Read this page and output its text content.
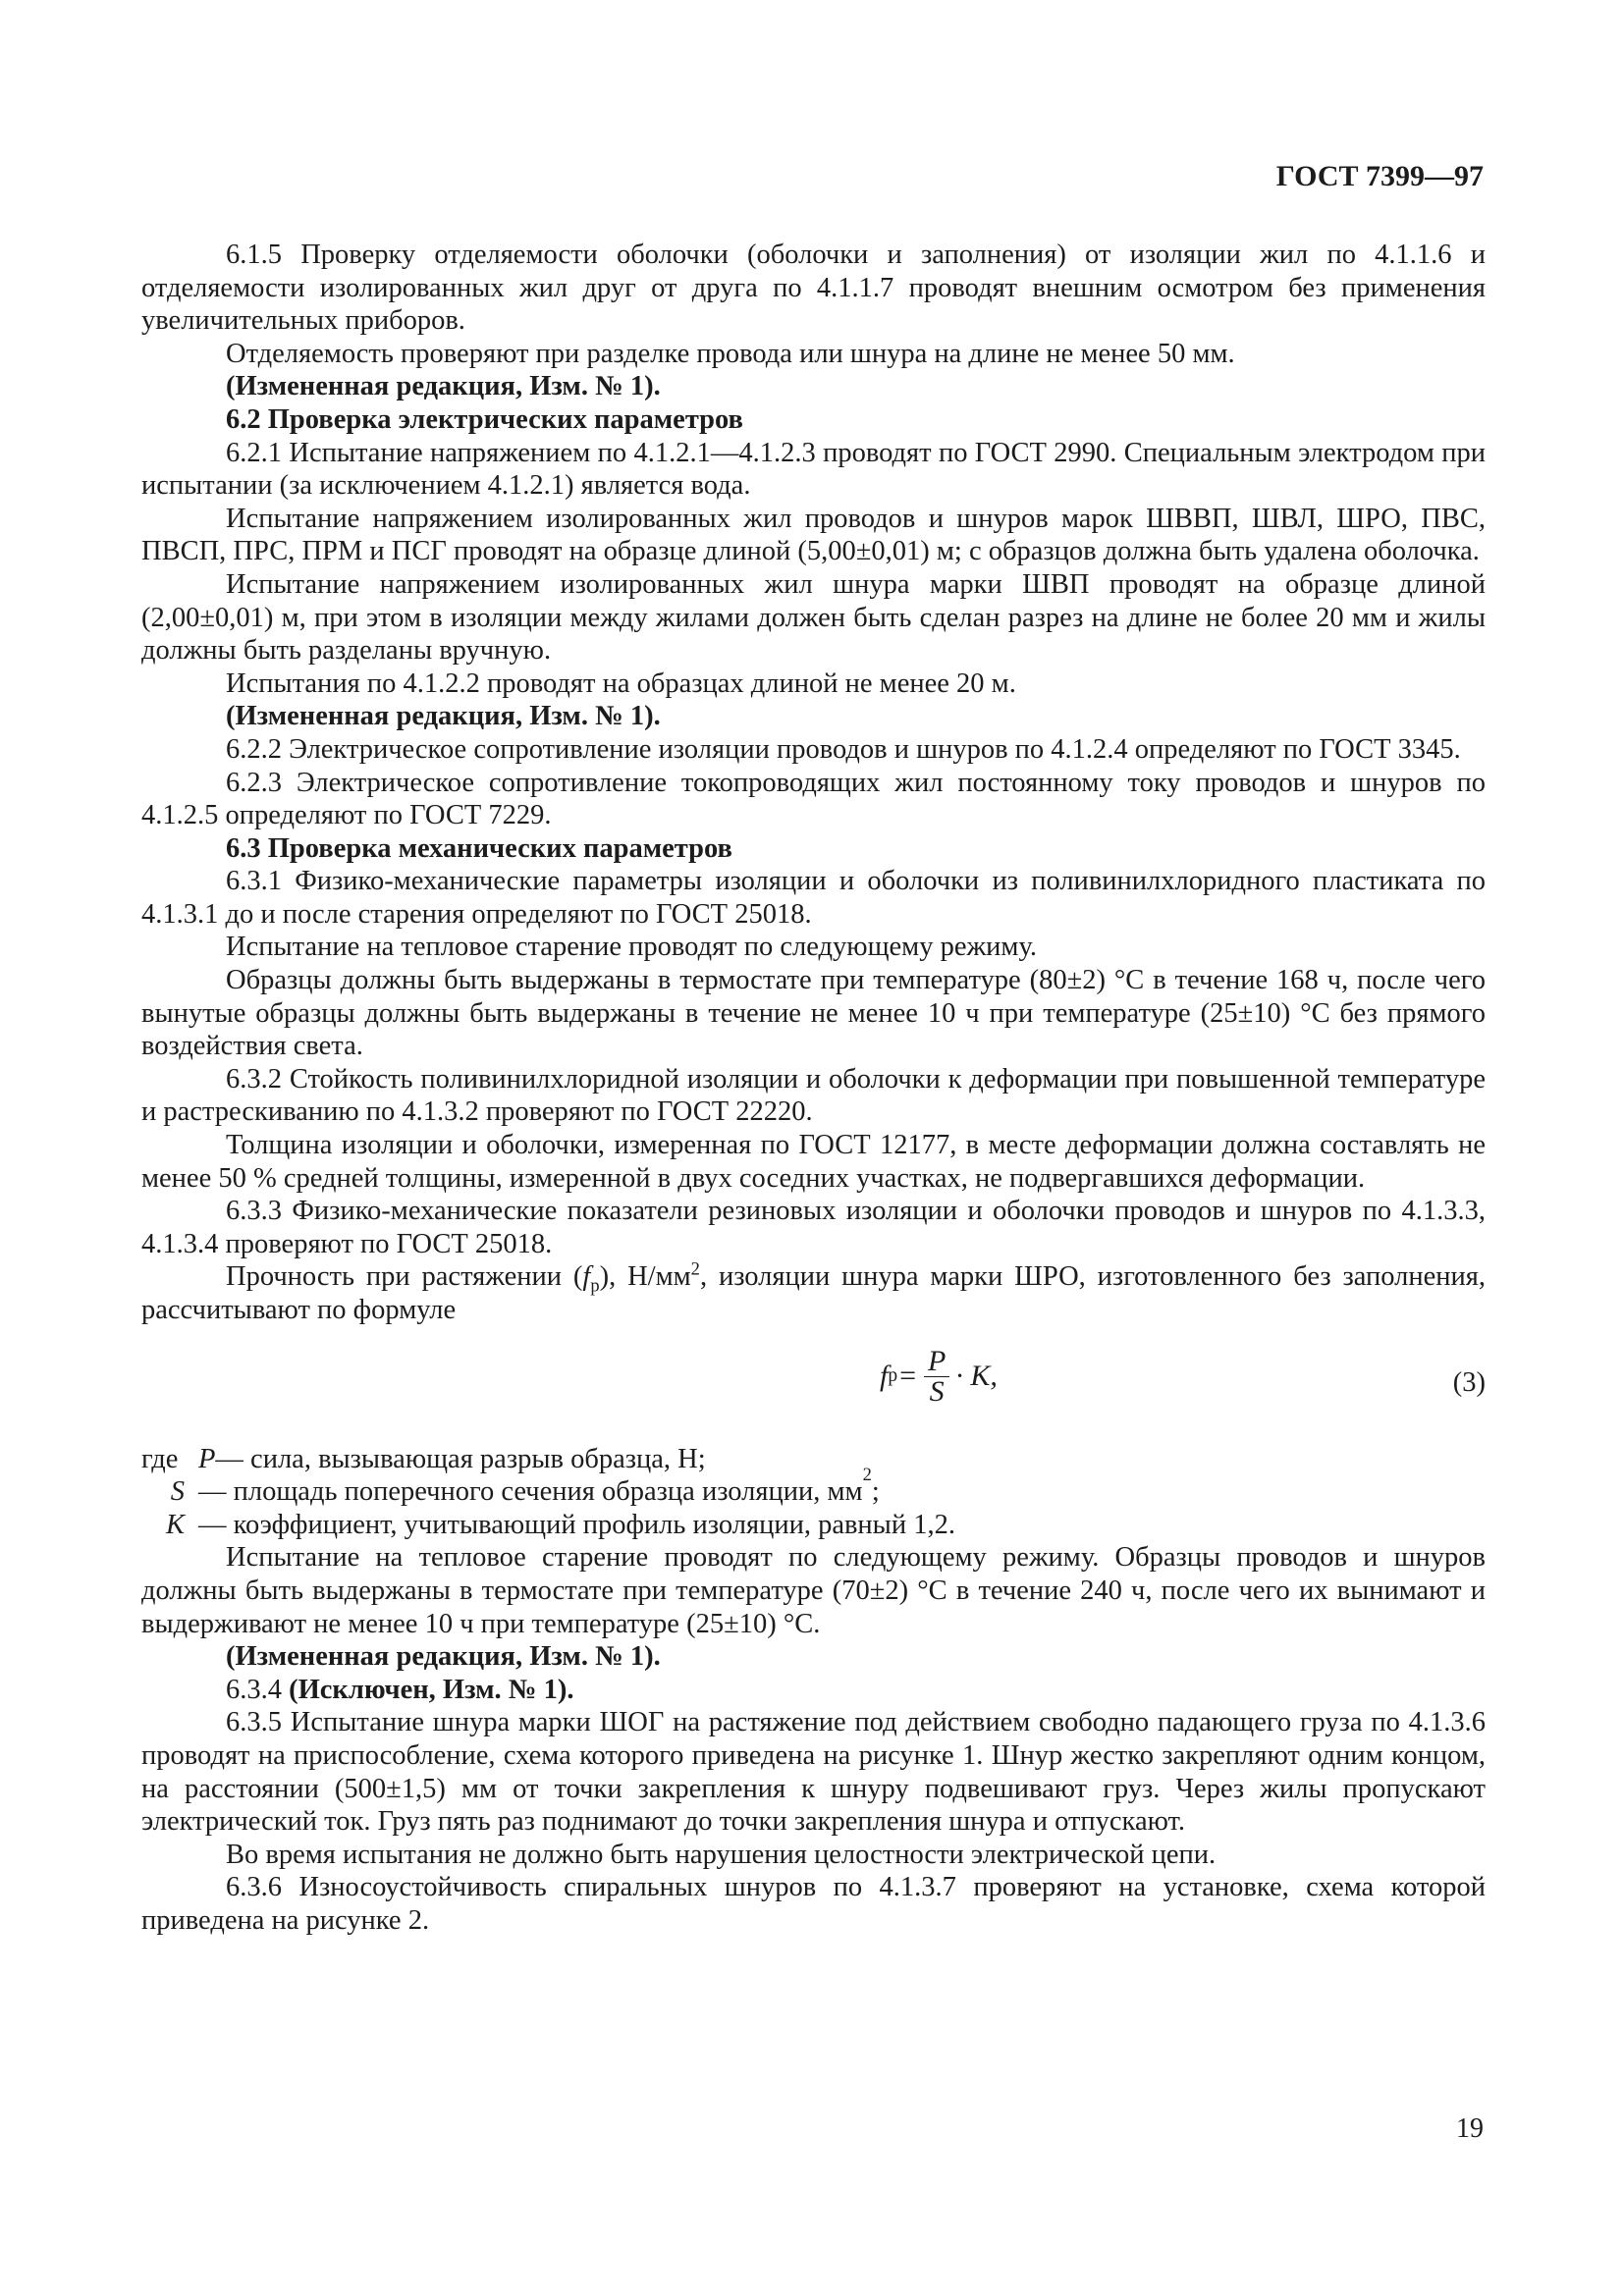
ГОСТ 7399—97

6.1.5 Проверку отделяемости оболочки (оболочки и заполнения) от изоляции жил по 4.1.1.6 и отделяемости изолированных жил друг от друга по 4.1.1.7 проводят внешним осмотром без применения увеличительных приборов.

Отделяемость проверяют при разделке провода или шнура на длине не менее 50 мм.

(Измененная редакция, Изм. № 1).

6.2 Проверка электрических параметров

6.2.1 Испытание напряжением по 4.1.2.1—4.1.2.3 проводят по ГОСТ 2990. Специальным электродом при испытании (за исключением 4.1.2.1) является вода.

Испытание напряжением изолированных жил проводов и шнуров марок ШВВП, ШВЛ, ШРО, ПВС, ПВСП, ПРС, ПРМ и ПСГ проводят на образце длиной (5,00±0,01) м; с образцов должна быть удалена оболочка.

Испытание напряжением изолированных жил шнура марки ШВП проводят на образце длиной (2,00±0,01) м, при этом в изоляции между жилами должен быть сделан разрез на длине не более 20 мм и жилы должны быть разделаны вручную.

Испытания по 4.1.2.2 проводят на образцах длиной не менее 20 м.

(Измененная редакция, Изм. № 1).

6.2.2 Электрическое сопротивление изоляции проводов и шнуров по 4.1.2.4 определяют по ГОСТ 3345.

6.2.3 Электрическое сопротивление токопроводящих жил постоянному току проводов и шнуров по 4.1.2.5 определяют по ГОСТ 7229.

6.3 Проверка механических параметров

6.3.1 Физико-механические параметры изоляции и оболочки из поливинилхлоридного пластиката по 4.1.3.1 до и после старения определяют по ГОСТ 25018.

Испытание на тепловое старение проводят по следующему режиму.

Образцы должны быть выдержаны в термостате при температуре (80±2) °С в течение 168 ч, после чего вынутые образцы должны быть выдержаны в течение не менее 10 ч при температуре (25±10) °С без прямого воздействия света.

6.3.2 Стойкость поливинилхлоридной изоляции и оболочки к деформации при повышенной температуре и растрескиванию по 4.1.3.2 проверяют по ГОСТ 22220.

Толщина изоляции и оболочки, измеренная по ГОСТ 12177, в месте деформации должна составлять не менее 50 % средней толщины, измеренной в двух соседних участках, не подвергавшихся деформации.

6.3.3 Физико-механические показатели резиновых изоляции и оболочки проводов и шнуров по 4.1.3.3, 4.1.3.4 проверяют по ГОСТ 25018.

Прочность при растяжении $(f_р)$, $Н/мм^2$, изоляции шнура марки ШРО, изготовленного без заполнения, рассчитывают по формуле

f $р = \frac{P}{S} \cdot K$,	(3)
где P — сила, вызывающая разрыв образца, Н;
S — площадь поперечного сечения образца изоляции, мм
2
;
K — коэффициент, учитывающий профиль изоляции, равный 1,2.

Испытание на тепловое старение проводят по следующему режиму. Образцы проводов и шнуров должны быть выдержаны в термостате при температуре (70±2) °С в течение 240 ч, после чего их вынимают и выдерживают не менее 10 ч при температуре (25±10) °С.

(Измененная редакция, Изм. № 1).

6.3.4 (Исключен, Изм. № 1).

6.3.5 Испытание шнура марки ШОГ на растяжение под действием свободно падающего груза по 4.1.3.6 проводят на приспособление, схема которого приведена на рисунке 1. Шнур жестко закрепляют одним концом, на расстоянии (500±1,5) мм от точки закрепления к шнуру подвешивают груз. Через жилы пропускают электрический ток. Груз пять раз поднимают до точки закрепления шнура и отпускают.

Во время испытания не должно быть нарушения целостности электрической цепи.

6.3.6 Износоустойчивость спиральных шнуров по 4.1.3.7 проверяют на установке, схема которой приведена на рисунке 2.

19
